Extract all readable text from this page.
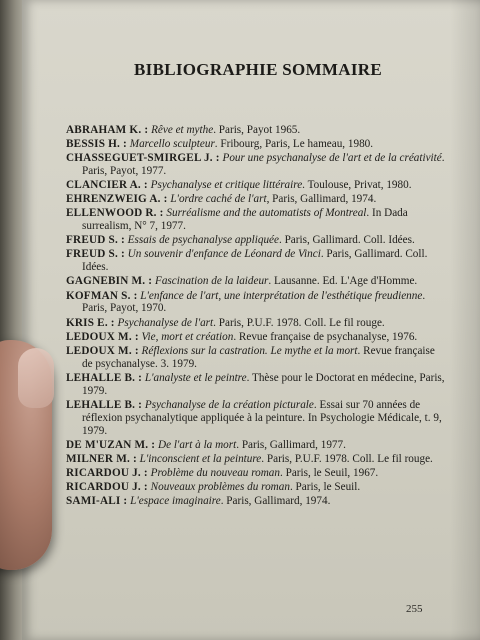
BIBLIOGRAPHIE SOMMAIRE
ABRAHAM K. : Rêve et mythe. Paris, Payot 1965.
BESSIS H. : Marcello sculpteur. Fribourg, Paris, Le hameau, 1980.
CHASSEGUET-SMIRGEL J. : Pour une psychanalyse de l'art et de la créativité. Paris, Payot, 1977.
CLANCIER A. : Psychanalyse et critique littéraire. Toulouse, Privat, 1980.
EHRENZWEIG A. : L'ordre caché de l'art, Paris, Gallimard, 1974.
ELLENWOOD R. : Surréalisme and the automatists of Montreal. In Dada surrealism, N° 7, 1977.
FREUD S. : Essais de psychanalyse appliquée. Paris, Gallimard. Coll. Idées.
FREUD S. : Un souvenir d'enfance de Léonard de Vinci. Paris, Gallimard. Coll. Idées.
GAGNEBIN M. : Fascination de la laideur. Lausanne. Ed. L'Age d'Homme.
KOFMAN S. : L'enfance de l'art, une interprétation de l'esthétique freudienne. Paris, Payot, 1970.
KRIS E. : Psychanalyse de l'art. Paris, P.U.F. 1978. Coll. Le fil rouge.
LEDOUX M. : Vie, mort et création. Revue française de psychanalyse, 1976.
LEDOUX M. : Réflexions sur la castration. Le mythe et la mort. Revue française de psychanalyse. 3. 1979.
LEHALLE B. : L'analyste et le peintre. Thèse pour le Doctorat en médecine, Paris, 1979.
LEHALLE B. : Psychanalyse de la création picturale. Essai sur 70 années de réflexion psychanalytique appliquée à la peinture. In Psychologie Médicale, t. 9, 1979.
DE M'UZAN M. : De l'art à la mort. Paris, Gallimard, 1977.
MILNER M. : L'inconscient et la peinture. Paris, P.U.F. 1978. Coll. Le fil rouge.
RICARDOU J. : Problème du nouveau roman. Paris, le Seuil, 1967.
RICARDOU J. : Nouveaux problèmes du roman. Paris, le Seuil.
SAMI-ALI : L'espace imaginaire. Paris, Gallimard, 1974.
255
